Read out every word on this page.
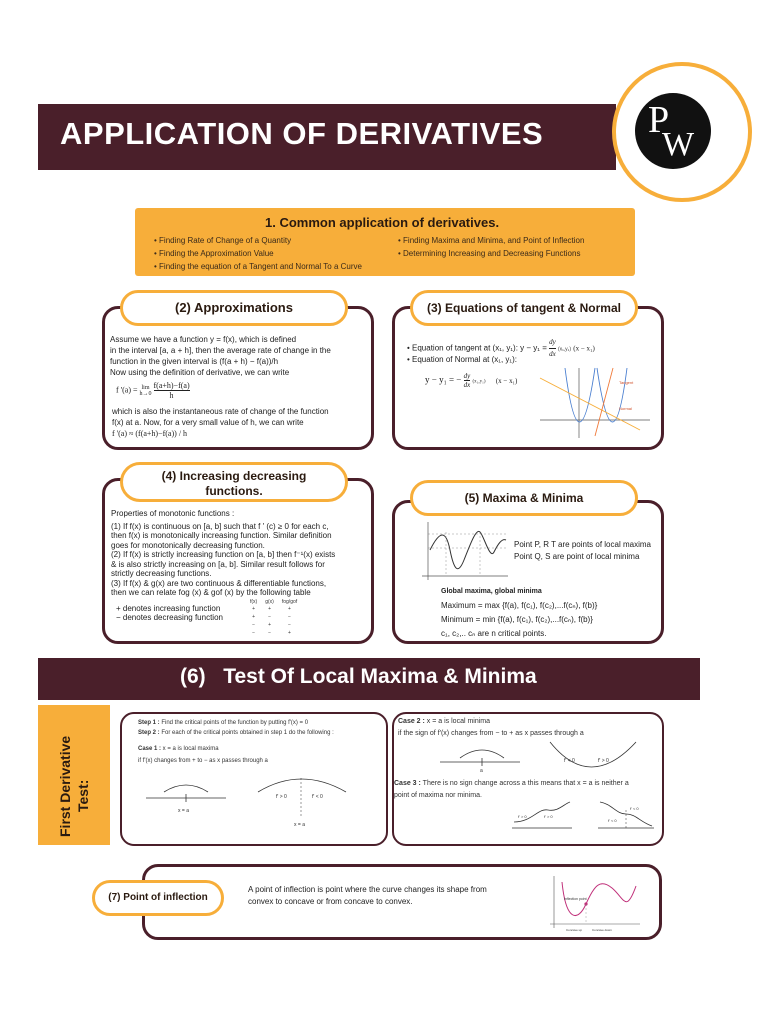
APPLICATION OF DERIVATIVES	P
W
1. Common application of derivatives.
• Finding Rate of Change of a Quantity
• Finding the Approximation Value
• Finding the equation of a Tangent and Normal To a Curve
• Finding Maxima and Minima, and Point of Inflection
• Determining Increasing and Decreasing Functions
(2) Approximations
Assume we have a function y = f(x), which is defined
in the interval [a, a + h], then the average rate of change in the
function in the given interval is (f(a + h) − f(a))/h
Now using the definition of derivative, we can write
f '(a) = lim
h→0
$\frac{f(a+h)-f(a)}{h}$
which is also the instantaneous rate of change of the function
f(x) at a. Now, for a very small value of h, we can write
f '(a) ≈ (f(a+h)−f(a)) / h
(3) Equations of tangent & Normal
• Equation of tangent at (x₁, y₁): $y - y_1 = \frac{dy}{dx} (x_1,y_1) (x - x_1)$
• Equation of Normal at (x₁, y₁):
y − y₁ = − $\frac{dy}{dx} (x_1,y_1) (x - x_1)$	Tangent
Normal
(4) Increasing decreasing
functions.
Properties of monotonic functions :
(1) If f(x) is continuous on [a, b] such that f ' (c) ≥ 0 for each c,
then f(x) is monotonically increasing function. Similar definition
goes for monotonically decreasing function.
(2) If f(x) is strictly increasing function on [a, b] then f⁻¹(x) exists
& is also strictly increasing on [a, b]. Similar result follows for
strictly decreasing functions.
(3) If f(x) & g(x) are two continuous & differentiable functions,
then we can relate fog (x) & gof (x) by the following table
+ denotes increasing function
− denotes decreasing function
f(x)	g(x)	fog/gof
+	+	+
+	−	−
−	+	−
−	−	+
(5) Maxima & Minima
Point P, R T are points of local maxima
Point Q, S are point of local minima
Global maxima, global minima
Maximum = max {f(a), f(c₁), f(c₂),...f(cₙ), f(b)}
Minimum = min {f(a), f(c₁), f(c₂),...f(cₙ), f(b)}
c₁, c₂,.. cₙ are n critical points.
(6) Test Of Local Maxima & Minima
First Derivative Test:
Step 1 : Find the critical points of the function by putting f'(x) = 0
Step 2 : For each of the critical points obtained in step 1 do the following :
Case 1 : x = a is local maxima
if f'(x) changes from + to − as x passes through a
x = a
f' > 0	f' < 0
x = a
Case 2 : x = a is local minima
if the sign of f'(x) changes from − to + as x passes through a
a
f' < 0	f' > 0
Case 3 : There is no sign change across a this means that x = a is neither a
point of maxima nor minima.
f' > 0	f' > 0
f' < 0
f' < 0
(7) Point of inflection
A point of inflection is point where the curve changes its shape from
convex to concave or from concave to convex.	Inflection point
Concave up	Concave down
